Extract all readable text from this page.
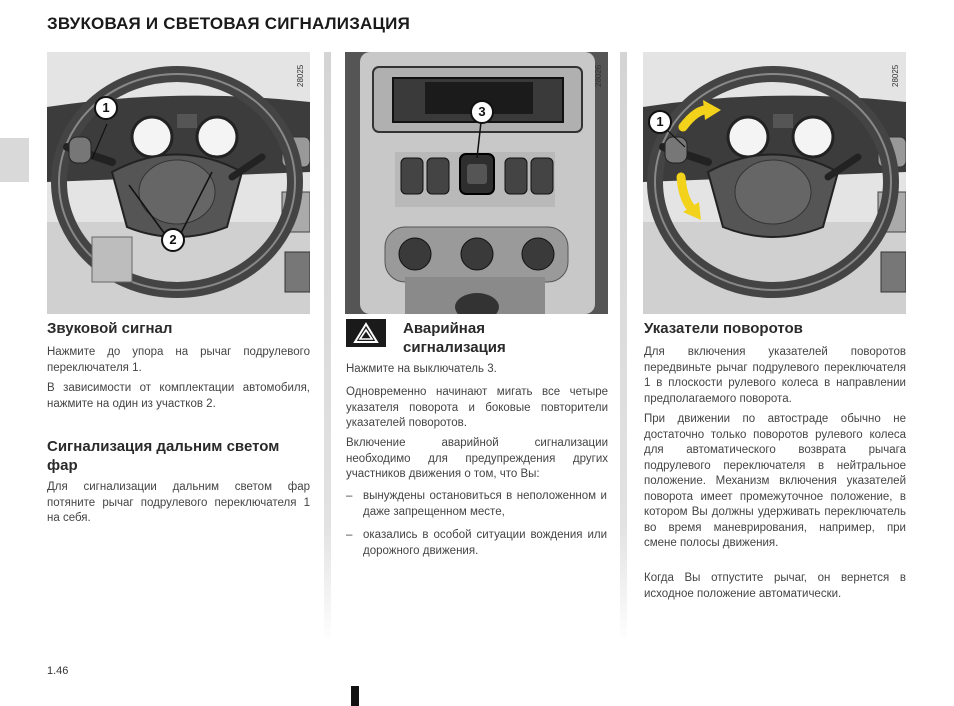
ЗВУКОВАЯ И СВЕТОВАЯ СИГНАЛИЗАЦИЯ
28025
1
2
28026
3
28025
1
Звуковой сигнал

Нажмите до упора на рычаг подрулевого переключателя 1.

В зависимости от комплектации автомобиля, нажмите на один из участков 2.

Сигнализация дальним светом
фар

Для сигнализации дальним светом фар потяните рычаг подрулевого переключателя 1 на себя.

Аварийная
сигнализация

Нажмите на выключатель 3.

Одновременно начинают мигать все четыре указателя поворота и боковые повторители указателей поворотов.

Включение аварийной сигнализации необходимо для предупреждения других участников движения о том, что Вы:

– вынуждены остановиться в неположенном и даже запрещенном месте,
– оказались в особой ситуации вождения или дорожного движения.
Указатели поворотов

Для включения указателей поворотов передвиньте рычаг подрулевого переключателя 1 в плоскости рулевого колеса в направлении предполагаемого поворота.

При движении по автостраде обычно не достаточно только поворотов рулевого колеса для автоматического возврата рычага подрулевого переключателя в нейтральное положение. Механизм включения указателей поворота имеет промежуточное положение, в котором Вы должны удерживать переключатель во время маневрирования, например, при смене полосы движения.

Когда Вы отпустите рычаг, он вернется в исходное положение автоматически.

1.46
